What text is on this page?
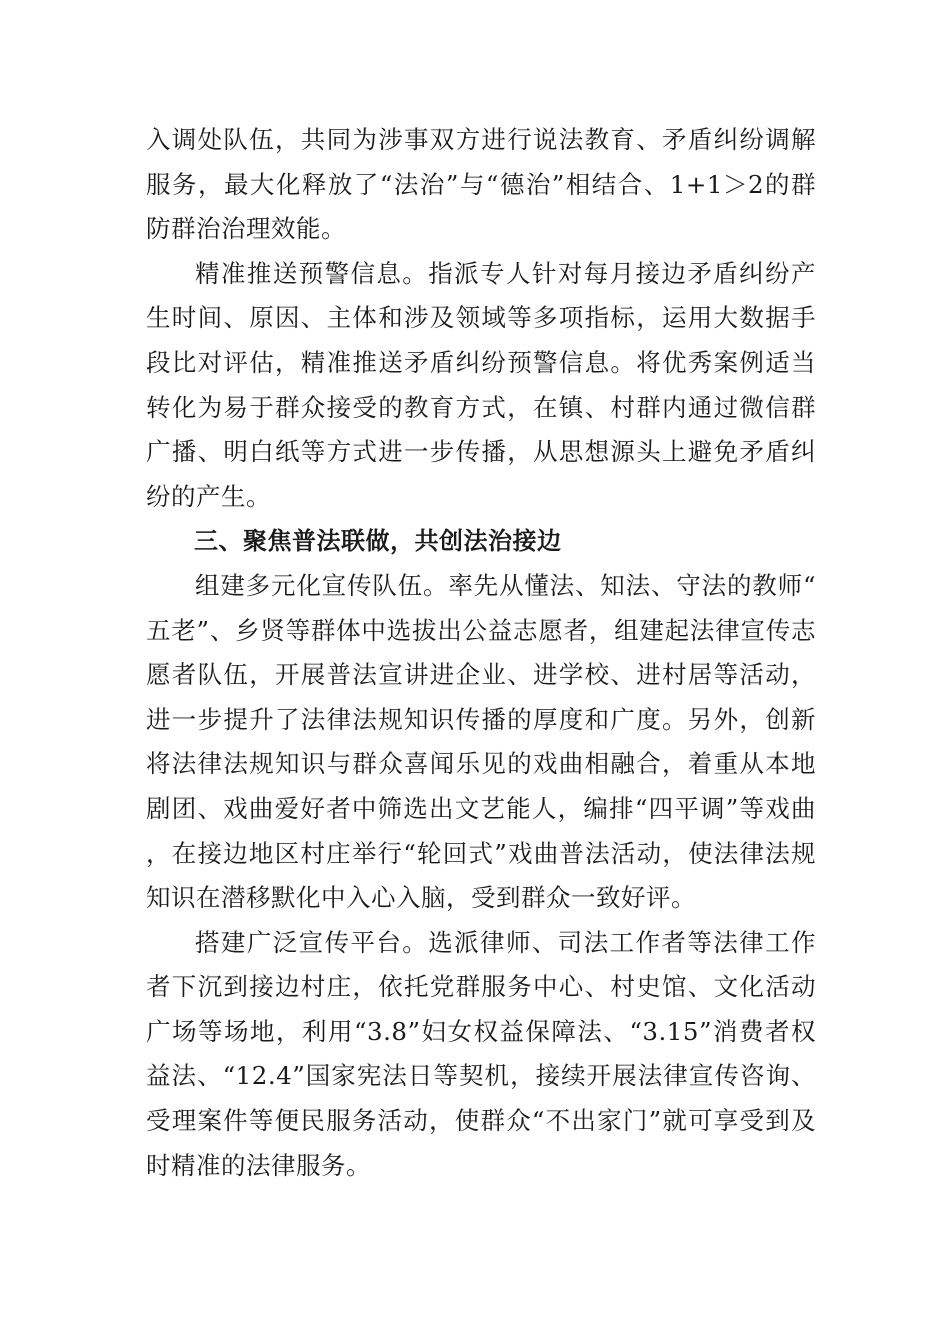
入调处队伍，共同为涉事双方进行说法教育、矛盾纠纷调解服务，最大化释放了“法治”与“德治”相结合、1+1＞2的群防群治治理效能。

精准推送预警信息。指派专人针对每月接边矛盾纠纷产生时间、原因、主体和涉及领域等多项指标，运用大数据手段比对评估，精准推送矛盾纠纷预警信息。将优秀案例适当转化为易于群众接受的教育方式，在镇、村群内通过微信群广播、明白纸等方式进一步传播，从思想源头上避免矛盾纠纷的产生。

三、聚焦普法联做，共创法治接边

组建多元化宣传队伍。率先从懂法、知法、守法的教师“五老”、乡贤等群体中选拔出公益志愿者，组建起法律宣传志愿者队伍，开展普法宣讲进企业、进学校、进村居等活动，进一步提升了法律法规知识传播的厚度和广度。另外，创新将法律法规知识与群众喜闻乐见的戏曲相融合，着重从本地剧团、戏曲爱好者中筛选出文艺能人，编排“四平调”等戏曲，在接边地区村庄举行“轮回式”戏曲普法活动，使法律法规知识在潜移默化中入心入脑，受到群众一致好评。

搭建广泛宣传平台。选派律师、司法工作者等法律工作者下沉到接边村庄，依托党群服务中心、村史馆、文化活动广场等场地，利用“3.8”妇女权益保障法、“3.15”消费者权益法、“12.4”国家宪法日等契机，接续开展法律宣传咨询、受理案件等便民服务活动，使群众“不出家门”就可享受到及时精准的法律服务。
